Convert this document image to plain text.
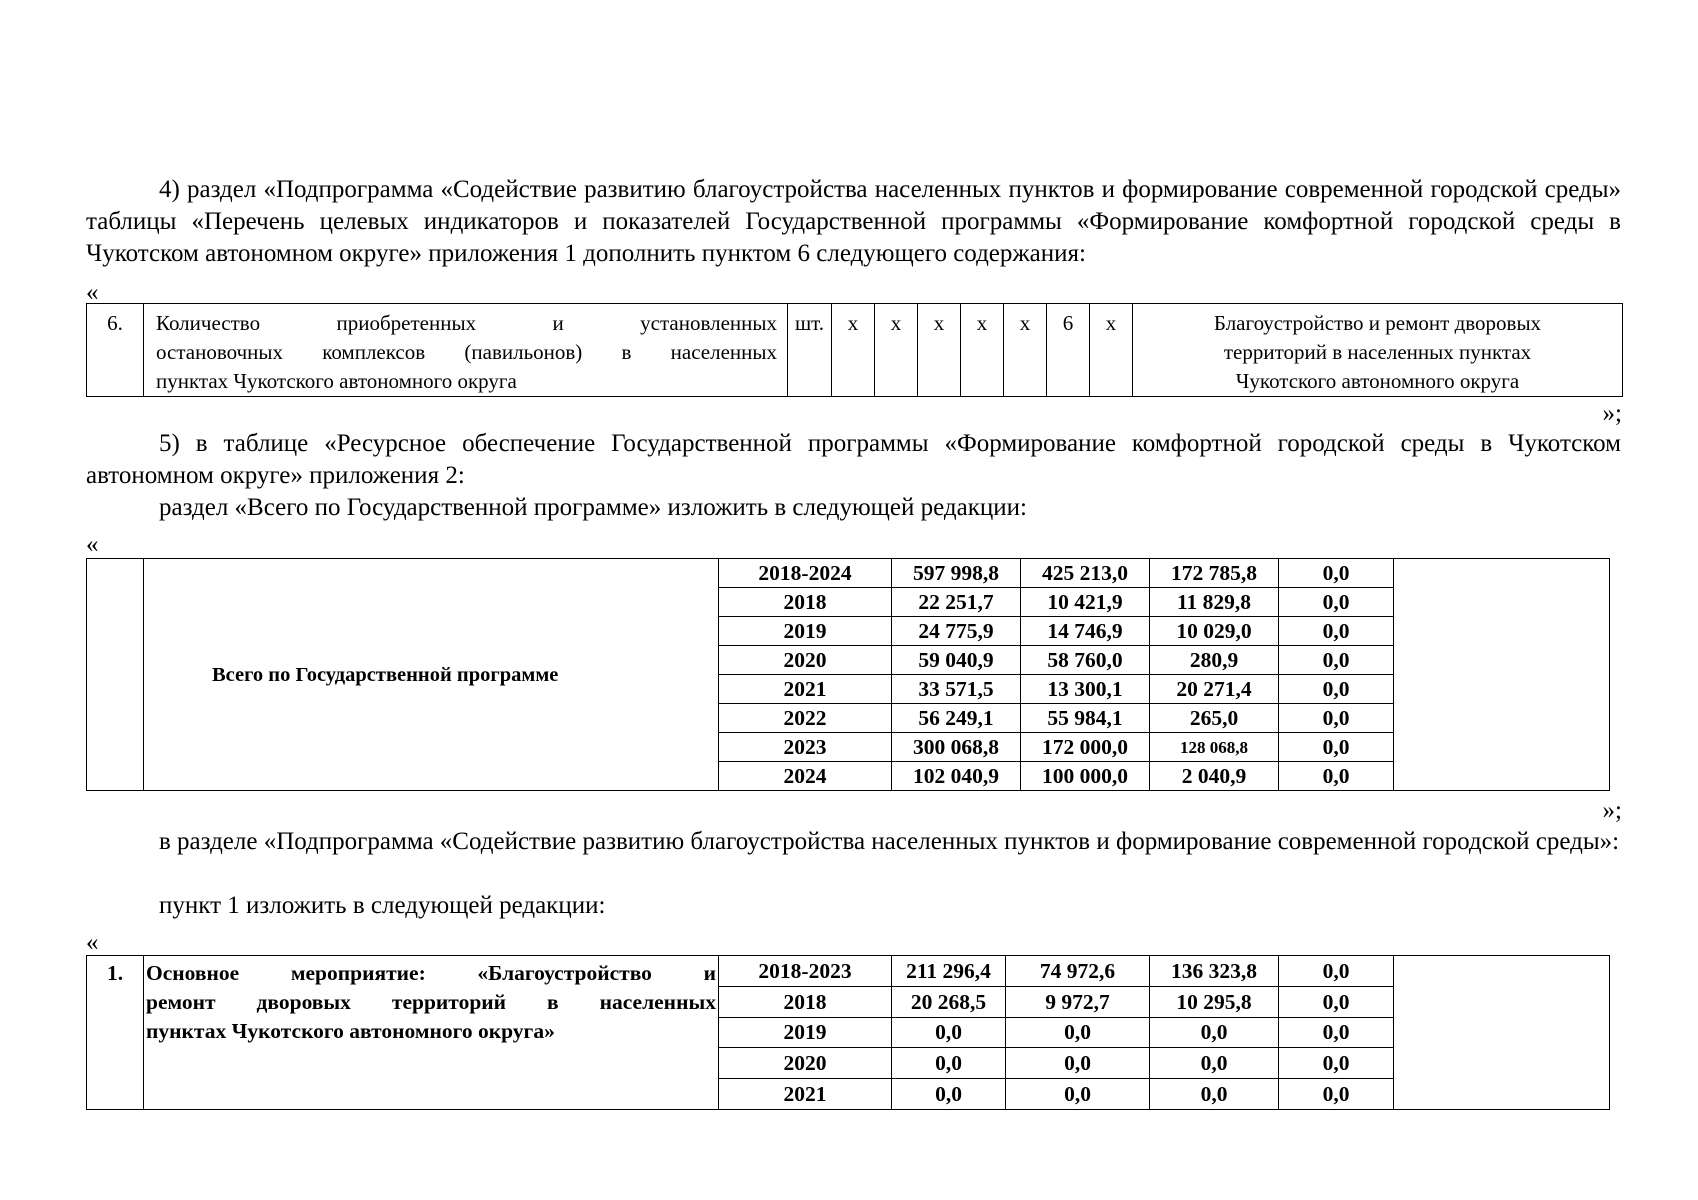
4) раздел «Подпрограмма «Содействие развитию благоустройства населенных пунктов и формирование современной городской среды» таблицы «Перечень целевых индикаторов и показателей Государственной программы «Формирование комфортной городской среды в Чукотском автономном округе» приложения 1 дополнить пунктом 6 следующего содержания:
«
6.	Количество приобретенных и установленных
остановочных комплексов (павильонов) в населенных
пунктах Чукотского автономного округа
	шт.	х	х	х	х	х	6	х	Благоустройство и ремонт дворовых
территорий в населенных пунктах
Чукотского автономного округа
»;
5) в таблице «Ресурсное обеспечение Государственной программы «Формирование комфортной городской среды в Чукотском автономном округе» приложения 2:
раздел «Всего по Государственной программе» изложить в следующей редакции:
«
	Всего по Государственной программе	2018-2024	597 998,8	425 213,0	172 785,8	0,0	
		2018	22 251,7	10 421,9	11 829,8	0,0	
		2019	24 775,9	14 746,9	10 029,0	0,0	
		2020	59 040,9	58 760,0	280,9	0,0	
		2021	33 571,5	13 300,1	20 271,4	0,0	
		2022	56 249,1	55 984,1	265,0	0,0	
		2023	300 068,8	172 000,0	128 068,8	0,0	
		2024	102 040,9	100 000,0	2 040,9	0,0	
»;
в разделе «Подпрограмма «Содействие развитию благоустройства населенных пунктов и формирование современной городской среды»:
пункт 1 изложить в следующей редакции:
«
1.	Основное мероприятие: «Благоустройство и
ремонт дворовых территорий в населенных
пунктах Чукотского автономного округа»	2018-2023	211 296,4	74 972,6	136 323,8	0,0	
		2018	20 268,5	9 972,7	10 295,8	0,0	
		2019	0,0	0,0	0,0	0,0	
		2020	0,0	0,0	0,0	0,0	
		2021	0,0	0,0	0,0	0,0	
